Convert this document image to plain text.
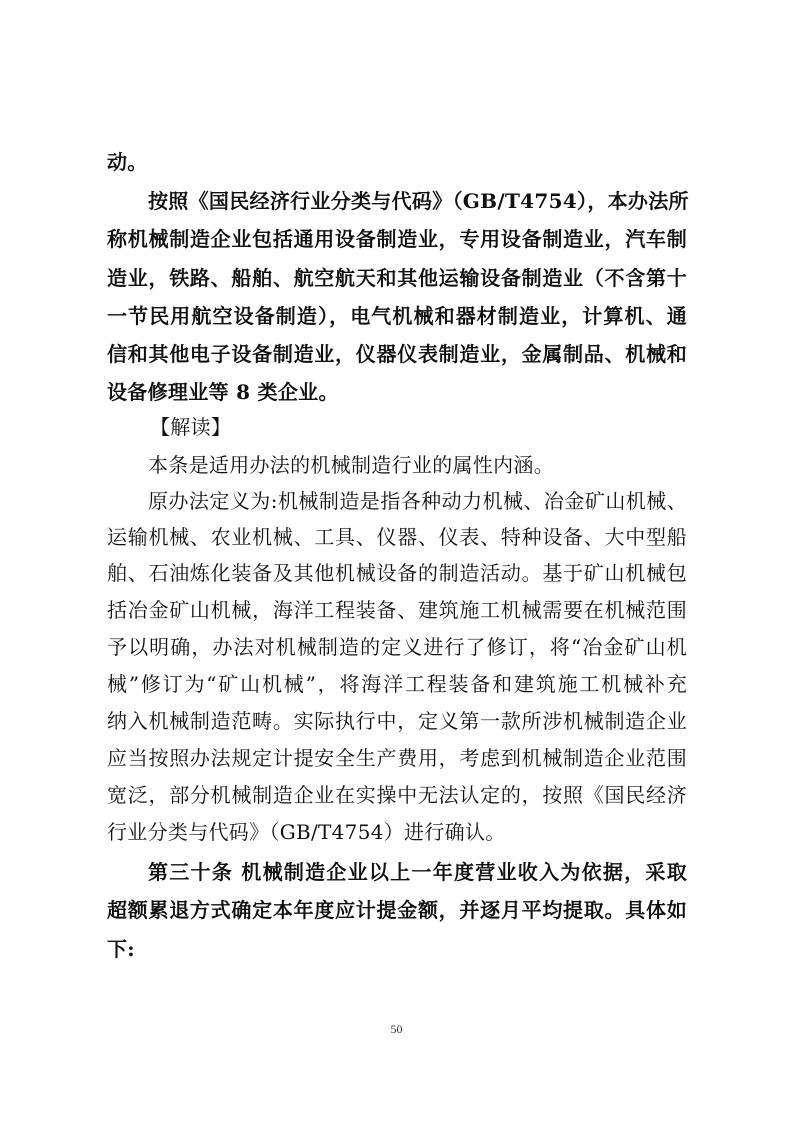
动。
按照《国民经济行业分类与代码》（GB/T4754），本办法所
称机械制造企业包括通用设备制造业，专用设备制造业，汽车制
造业，铁路、船舶、航空航天和其他运输设备制造业（不含第十
一节民用航空设备制造），电气机械和器材制造业，计算机、通
信和其他电子设备制造业，仪器仪表制造业，金属制品、机械和
设备修理业等 8 类企业。
【解读】
本条是适用办法的机械制造行业的属性内涵。
原办法定义为:机械制造是指各种动力机械、冶金矿山机械、
运输机械、农业机械、工具、仪器、仪表、特种设备、大中型船
舶、石油炼化装备及其他机械设备的制造活动。基于矿山机械包
括冶金矿山机械，海洋工程装备、建筑施工机械需要在机械范围
予以明确，办法对机械制造的定义进行了修订，将“冶金矿山机
械”修订为“矿山机械”，将海洋工程装备和建筑施工机械补充
纳入机械制造范畴。实际执行中，定义第一款所涉机械制造企业
应当按照办法规定计提安全生产费用，考虑到机械制造企业范围
宽泛，部分机械制造企业在实操中无法认定的，按照《国民经济
行业分类与代码》（GB/T4754）进行确认。
第三十条 机械制造企业以上一年度营业收入为依据，采取
超额累退方式确定本年度应计提金额，并逐月平均提取。具体如
下:
50
